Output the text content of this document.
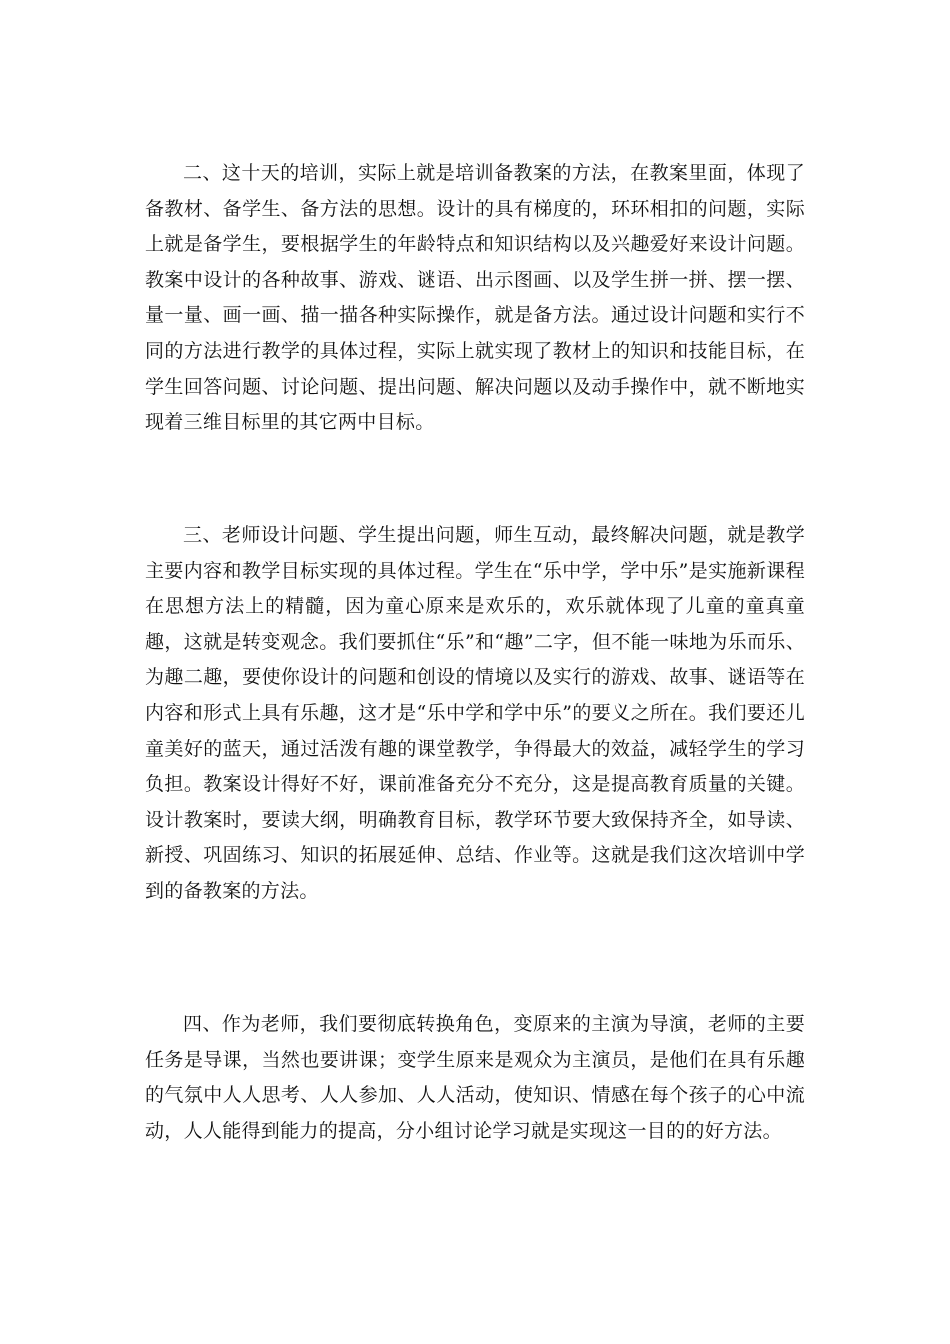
二、这十天的培训，实际上就是培训备教案的方法，在教案里面，体现了备教材、备学生、备方法的思想。设计的具有梯度的，环环相扣的问题，实际上就是备学生，要根据学生的年龄特点和知识结构以及兴趣爱好来设计问题。教案中设计的各种故事、游戏、谜语、出示图画、以及学生拼一拼、摆一摆、量一量、画一画、描一描各种实际操作，就是备方法。通过设计问题和实行不同的方法进行教学的具体过程，实际上就实现了教材上的知识和技能目标，在学生回答问题、讨论问题、提出问题、解决问题以及动手操作中，就不断地实现着三维目标里的其它两中目标。

三、老师设计问题、学生提出问题，师生互动，最终解决问题，就是教学主要内容和教学目标实现的具体过程。学生在“乐中学，学中乐”是实施新课程在思想方法上的精髓，因为童心原来是欢乐的，欢乐就体现了儿童的童真童趣，这就是转变观念。我们要抓住“乐”和“趣”二字，但不能一味地为乐而乐、为趣二趣，要使你设计的问题和创设的情境以及实行的游戏、故事、谜语等在内容和形式上具有乐趣，这才是“乐中学和学中乐”的要义之所在。我们要还儿童美好的蓝天，通过活泼有趣的课堂教学，争得最大的效益，减轻学生的学习负担。教案设计得好不好，课前准备充分不充分，这是提高教育质量的关键。设计教案时，要读大纲，明确教育目标，教学环节要大致保持齐全，如导读、新授、巩固练习、知识的拓展延伸、总结、作业等。这就是我们这次培训中学到的备教案的方法。

四、作为老师，我们要彻底转换角色，变原来的主演为导演，老师的主要任务是导课，当然也要讲课；变学生原来是观众为主演员，是他们在具有乐趣的气氛中人人思考、人人参加、人人活动，使知识、情感在每个孩子的心中流动，人人能得到能力的提高，分小组讨论学习就是实现这一目的的好方法。
